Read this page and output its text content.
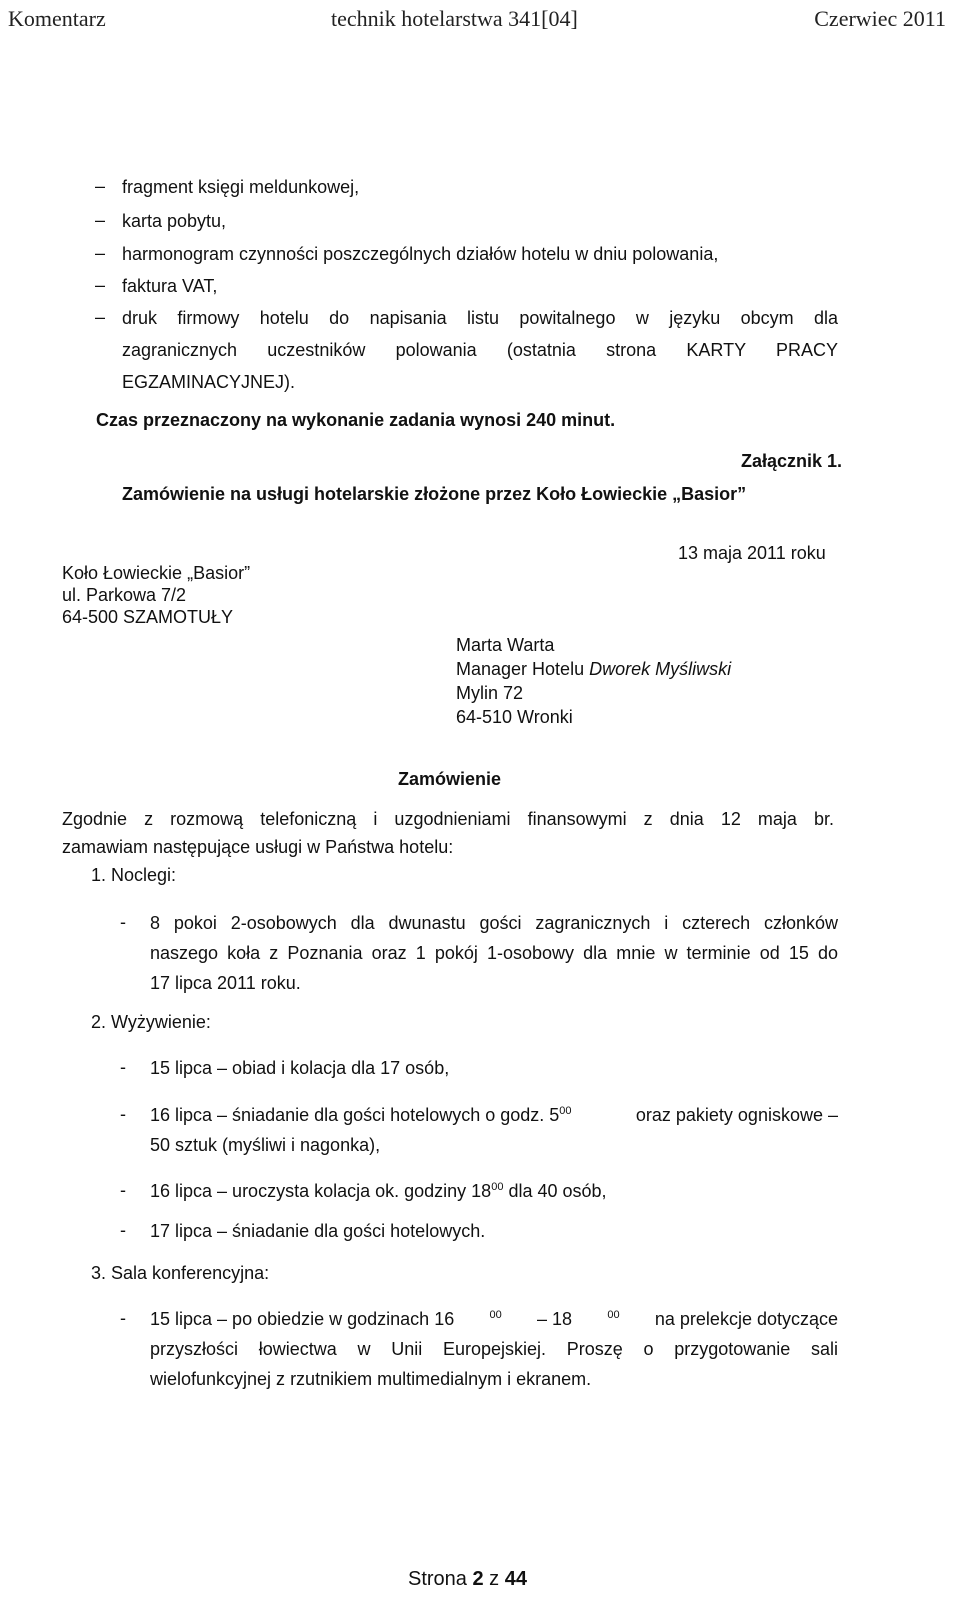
Komentarz	technik hotelarstwa 341[04]	Czerwiec 2011
– fragment księgi meldunkowej,
– karta pobytu,
– harmonogram czynności poszczególnych działów hotelu w dniu polowania,
– faktura VAT,
– druk firmowy hotelu do napisania listu powitalnego w języku obcym dla
zagranicznych uczestników polowania (ostatnia strona KARTY PRACY
EGZAMINACYJNEJ).
Czas przeznaczony na wykonanie zadania wynosi 240 minut.
Załącznik 1.
Zamówienie na usługi hotelarskie złożone przez Koło Łowieckie „Basior”
13 maja 2011 roku
Koło Łowieckie „Basior”
ul. Parkowa 7/2
64-500 SZAMOTUŁY
Marta Warta
Manager Hotelu Dworek Myśliwski
Mylin 72
64-510 Wronki
Zamówienie
Zgodnie z rozmową telefoniczną i uzgodnieniami finansowymi z dnia 12 maja br.
zamawiam następujące usługi w Państwa hotelu:
1. Noclegi:
- 8 pokoi 2-osobowych dla dwunastu gości zagranicznych i czterech członków
naszego koła z Poznania oraz 1 pokój 1-osobowy dla mnie w terminie od 15 do
17 lipca 2011 roku.
2. Wyżywienie:
- 15 lipca – obiad i kolacja dla 17 osób,
- 16 lipca – śniadanie dla gości hotelowych o godz. $5^{00}$	oraz pakiety ogniskowe –
50 sztuk (myśliwi i nagonka),
- 16 lipca – uroczysta kolacja ok. godziny $18^{00}$ dla 40 osób,
- 17 lipca – śniadanie dla gości hotelowych.
3. Sala konferencyjna:
- 15 lipca – po obiedzie w godzinach 16	$^{00}$ – 18	$^{00}$ na prelekcje dotyczące
przyszłości łowiectwa w Unii Europejskiej. Proszę o przygotowanie sali
wielofunkcyjnej z rzutnikiem multimedialnym i ekranem.
Strona 2 z 44
